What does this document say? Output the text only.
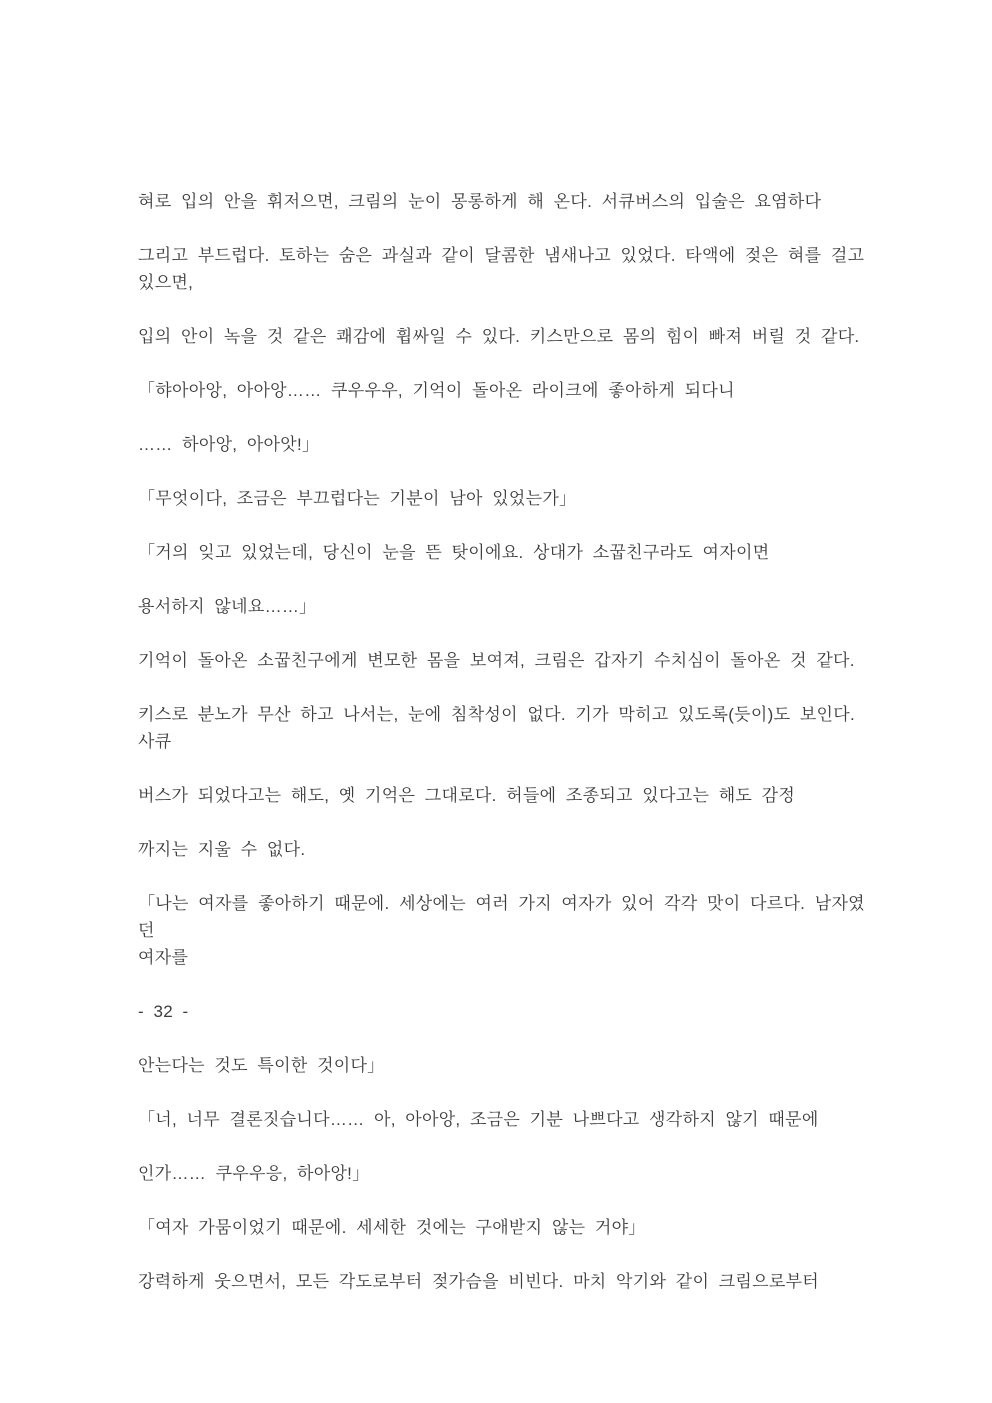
혀로 입의 안을 휘저으면, 크림의 눈이 몽롱하게 해 온다. 서큐버스의 입술은 요염하다
그리고 부드럽다. 토하는 숨은 과실과 같이 달콤한 냄새나고 있었다. 타액에 젖은 혀를 걸고
있으면,
입의 안이 녹을 것 같은 쾌감에 휩싸일 수 있다. 키스만으로 몸의 힘이 빠져 버릴 것 같다.
「햐아아앙, 아아앙…… 쿠우우우, 기억이 돌아온 라이크에 좋아하게 되다니
…… 하아앙, 아아앗!」
「무엇이다, 조금은 부끄럽다는 기분이 남아 있었는가」
「거의 잊고 있었는데, 당신이 눈을 뜬 탓이에요. 상대가 소꿉친구라도 여자이면
용서하지 않네요……」
기억이 돌아온 소꿉친구에게 변모한 몸을 보여져, 크림은 갑자기 수치심이 돌아온 것 같다.
키스로 분노가 무산 하고 나서는, 눈에 침착성이 없다. 기가 막히고 있도록(듯이)도 보인다.
사큐
버스가 되었다고는 해도, 옛 기억은 그대로다. 허들에 조종되고 있다고는 해도 감정
까지는 지울 수 없다.
「나는 여자를 좋아하기 때문에. 세상에는 여러 가지 여자가 있어 각각 맛이 다르다. 남자였던
여자를
- 32 -
안는다는 것도 특이한 것이다」
「너, 너무 결론짓습니다…… 아, 아아앙, 조금은 기분 나쁘다고 생각하지 않기 때문에
인가…… 쿠우우응, 하아앙!」
「여자 가뭄이었기 때문에. 세세한 것에는 구애받지 않는 거야」
강력하게 웃으면서, 모든 각도로부터 젖가슴을 비빈다. 마치 악기와 같이 크림으로부터
